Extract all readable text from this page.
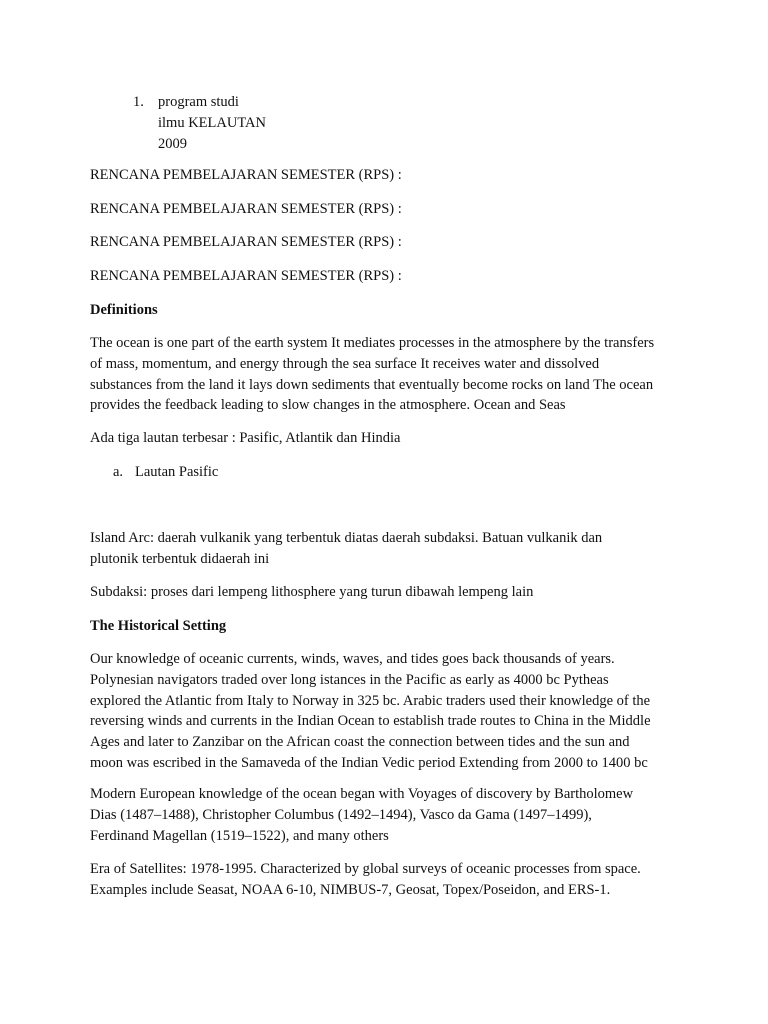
1. program studi
ilmu KELAUTAN
2009

RENCANA PEMBELAJARAN SEMESTER (RPS) :

RENCANA PEMBELAJARAN SEMESTER (RPS) :

RENCANA PEMBELAJARAN SEMESTER (RPS) :

RENCANA PEMBELAJARAN SEMESTER (RPS) :

Definitions

The ocean is one part of the earth system It mediates processes in the atmosphere by the transfers
of mass, momentum, and energy through the sea surface It receives water and dissolved
substances from the land it lays down sediments that eventually become rocks on land The ocean
provides the feedback leading to slow changes in the atmosphere. Ocean and Seas

Ada tiga lautan terbesar : Pasific, Atlantik dan Hindia

a. Lautan Pasific
Island Arc: daerah vulkanik yang terbentuk diatas daerah subdaksi. Batuan vulkanik dan
plutonik terbentuk didaerah ini

Subdaksi: proses dari lempeng lithosphere yang turun dibawah lempeng lain

The Historical Setting

Our knowledge of oceanic currents, winds, waves, and tides goes back thousands of years.
Polynesian navigators traded over long istances in the Pacific as early as 4000 bc Pytheas
explored the Atlantic from Italy to Norway in 325 bc. Arabic traders used their knowledge of the
reversing winds and currents in the Indian Ocean to establish trade routes to China in the Middle
Ages and later to Zanzibar on the African coast the connection between tides and the sun and
moon was escribed in the Samaveda of the Indian Vedic period Extending from 2000 to 1400 bc
Modern European knowledge of the ocean began with Voyages of discovery by Bartholomew
Dias (1487–1488), Christopher Columbus (1492–1494), Vasco da Gama (1497–1499),
Ferdinand Magellan (1519–1522), and many others
Era of Satellites: 1978-1995. Characterized by global surveys of oceanic processes from space.
Examples include Seasat, NOAA 6-10, NIMBUS-7, Geosat, Topex/Poseidon, and ERS-1.
